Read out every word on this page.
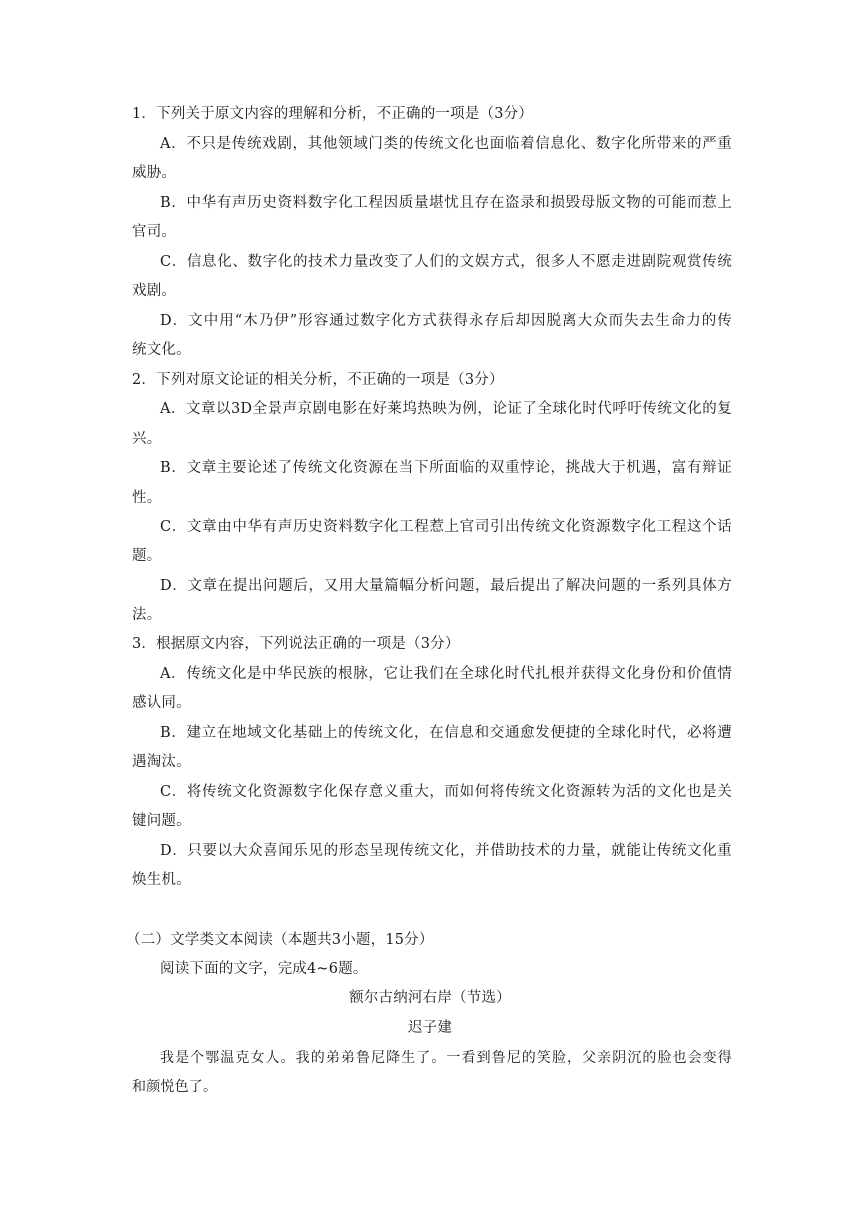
1．下列关于原文内容的理解和分析，不正确的一项是（3分）
A．不只是传统戏剧，其他领域门类的传统文化也面临着信息化、数字化所带来的严重
威胁。
B．中华有声历史资料数字化工程因质量堪忧且存在盗录和损毁母版文物的可能而惹上
官司。
C．信息化、数字化的技术力量改变了人们的文娱方式，很多人不愿走进剧院观赏传统
戏剧。
D．文中用“木乃伊”形容通过数字化方式获得永存后却因脱离大众而失去生命力的传
统文化。
2．下列对原文论证的相关分析，不正确的一项是（3分）
A．文章以3D全景声京剧电影在好莱坞热映为例，论证了全球化时代呼吁传统文化的复
兴。
B．文章主要论述了传统文化资源在当下所面临的双重悖论，挑战大于机遇，富有辩证
性。
C．文章由中华有声历史资料数字化工程惹上官司引出传统文化资源数字化工程这个话
题。
D．文章在提出问题后，又用大量篇幅分析问题，最后提出了解决问题的一系列具体方
法。
3．根据原文内容，下列说法正确的一项是（3分）
A．传统文化是中华民族的根脉，它让我们在全球化时代扎根并获得文化身份和价值情
感认同。
B．建立在地域文化基础上的传统文化，在信息和交通愈发便捷的全球化时代，必将遭
遇淘汰。
C．将传统文化资源数字化保存意义重大，而如何将传统文化资源转为活的文化也是关
键问题。
D．只要以大众喜闻乐见的形态呈现传统文化，并借助技术的力量，就能让传统文化重
焕生机。
（二）文学类文本阅读（本题共3小题，15分）
阅读下面的文字，完成4~6题。
额尔古纳河右岸（节选）
迟子建
我是个鄂温克女人。我的弟弟鲁尼降生了。一看到鲁尼的笑脸，父亲阴沉的脸也会变得
和颜悦色了。
